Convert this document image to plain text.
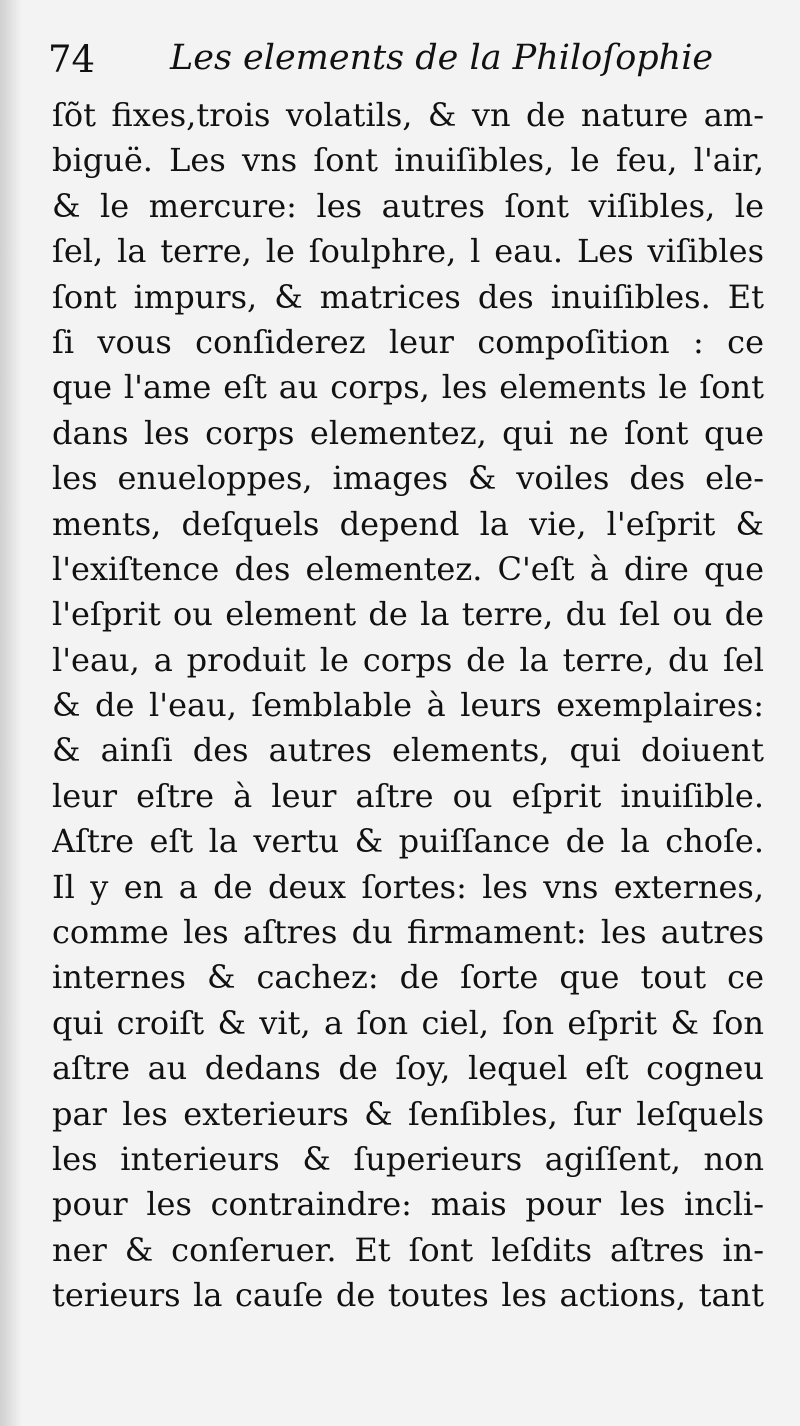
74 Les elements de la Philoſophie
ſõt fixes,trois volatils, & vn de nature am-
biguë. Les vns ſont inuiſibles, le feu, l'air,
& le mercure: les autres ſont viſibles, le
ſel, la terre, le ſoulphre, l eau. Les viſibles
ſont impurs, & matrices des inuiſibles. Et
ſi vous conſiderez leur compoſition : ce
que l'ame eſt au corps, les elements le ſont
dans les corps elementez, qui ne ſont que
les enueloppes, images & voiles des ele-
ments, deſquels depend la vie, l'eſprit &
l'exiſtence des elementez. C'eſt à dire que
l'eſprit ou element de la terre, du ſel ou de
l'eau, a produit le corps de la terre, du ſel
& de l'eau, ſemblable à leurs exemplaires:
& ainſi des autres elements, qui doiuent
leur eſtre à leur aſtre ou eſprit inuiſible.
Aſtre eſt la vertu & puiſſance de la choſe.
Il y en a de deux ſortes: les vns externes,
comme les aſtres du firmament: les autres
internes & cachez: de ſorte que tout ce
qui croiſt & vit, a ſon ciel, ſon eſprit & ſon
aſtre au dedans de ſoy, lequel eſt cogneu
par les exterieurs & ſenſibles, ſur leſquels
les interieurs & ſuperieurs agiſſent, non
pour les contraindre: mais pour les incli-
ner & conſeruer. Et ſont leſdits aſtres in-
terieurs la cauſe de toutes les actions, tant
